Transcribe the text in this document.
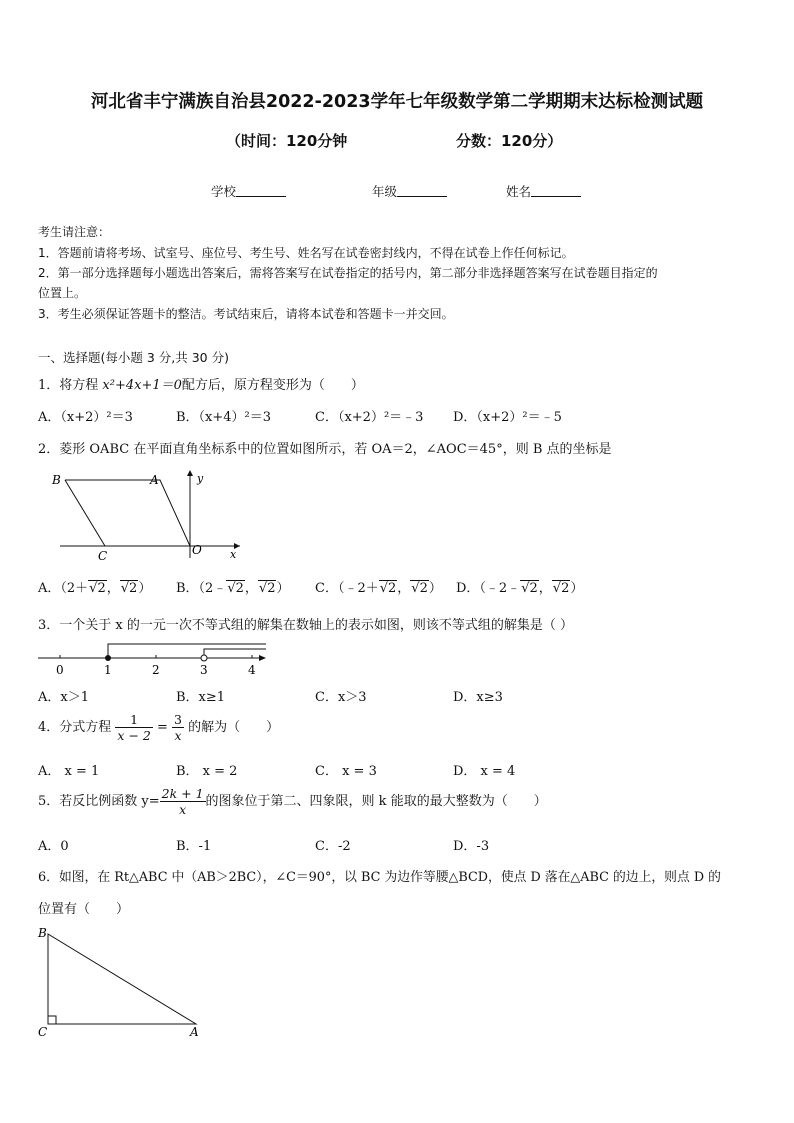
河北省丰宁满族自治县2022-2023学年七年级数学第二学期期末达标检测试题
（时间：120分钟	分数：120分）
学校	年级	姓名
考生请注意：
1．答题前请将考场、试室号、座位号、考生号、姓名写在试卷密封线内，不得在试卷上作任何标记。
2．第一部分选择题每小题选出答案后，需将答案写在试卷指定的括号内，第二部分非选择题答案写在试卷题目指定的
位置上。
3．考生必须保证答题卡的整洁。考试结束后，请将本试卷和答题卡一并交回。
一、选择题(每小题 3 分,共 30 分)
1．将方程 x²+4x+1＝0配方后，原方程变形为（　　）
A．（x+2）²＝3	B．（x+4）²＝3	C．（x+2）²＝﹣3 D．（x+2）²＝﹣5
2．菱形 OABC 在平面直角坐标系中的位置如图所示，若 OA＝2，∠AOC＝45°，则 B 点的坐标是
B	A
C	O	x
y
A．（2＋√2，√2） B．（2﹣√2，√2） C．（﹣2＋√2，√2） D．（﹣2﹣√2，√2）
3．一个关于 x 的一元一次不等式组的解集在数轴上的表示如图，则该不等式组的解集是（ ）
0	1	2	3	4
A．x＞1	B．x≥1	C．x＞3	D．x≥3
4．分式方程 $\frac{1}{x - 2} = \frac{3}{x}$ 的解为（　　）
A． x = 1	B． x = 2	C． x = 3	D． x = 4
5．若反比例函数 $y= \frac{2k + 1}{x}$ 的图象位于第二、四象限，则 k 能取的最大整数为（　　）
A．0	B．-1	C．-2	D．-3
6．如图，在 Rt△ABC 中（AB＞2BC），∠C＝90°，以 BC 为边作等腰△BCD，使点 D 落在△ABC 的边上，则点 D 的
位置有（　　）
B
C	A
